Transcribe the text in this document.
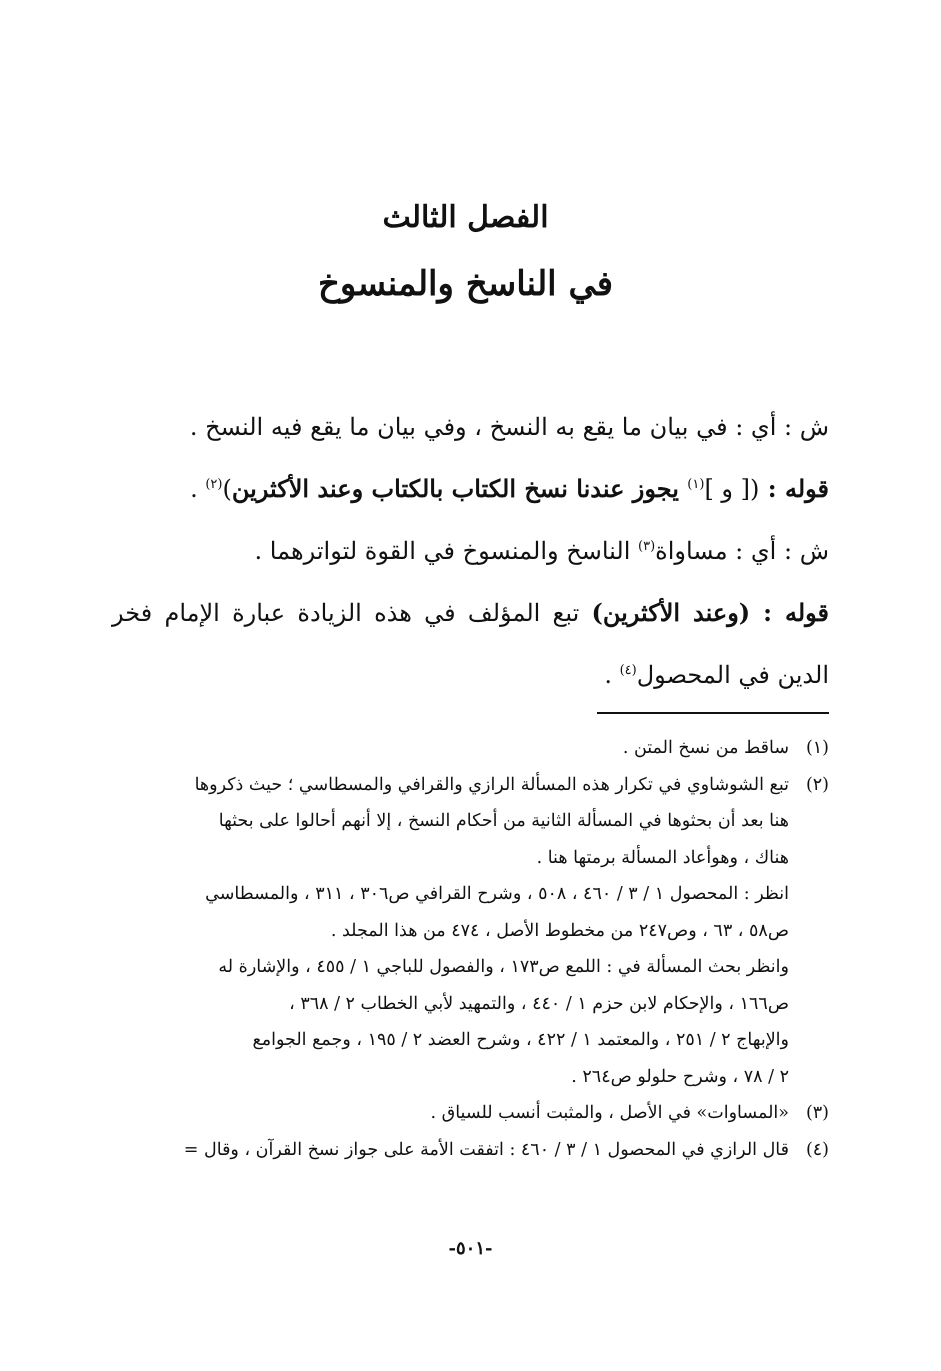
الفصل الثالث
في الناسخ والمنسوخ

ش : أي : في بيان ما يقع به النسخ ، وفي بيان ما يقع فيه النسخ .

قوله : ([ و ]$^{(١)}$ يجوز عندنا نسخ الكتاب بالكتاب وعند الأكثرين)$^{(٢)}$ .

ش : أي : مساواة$^{(٣)}$ الناسخ والمنسوخ في القوة لتواترهما .

قوله : (وعند الأكثرين) تبع المؤلف في هذه الزيادة عبارة الإمام فخر الدين في المحصول$^{(٤)}$ .

(١)
ساقط من نسخ المتن .
(٢)
تبع الشوشاوي في تكرار هذه المسألة الرازي والقرافي والمسطاسي ؛ حيث ذكروها
هنا بعد أن بحثوها في المسألة الثانية من أحكام النسخ ، إلا أنهم أحالوا على بحثها
هناك ، وهوأعاد المسألة برمتها هنا .
انظر : المحصول ١ / ٣ / ٤٦٠ ، ٥٠٨ ، وشرح القرافي ص٣٠٦ ، ٣١١ ، والمسطاسي
ص٥٨ ، ٦٣ ، وص٢٤٧ من مخطوط الأصل ، ٤٧٤ من هذا المجلد .
وانظر بحث المسألة في : اللمع ص١٧٣ ، والفصول للباجي ١ / ٤٥٥ ، والإشارة له
ص١٦٦ ، والإحكام لابن حزم ١ / ٤٤٠ ، والتمهيد لأبي الخطاب ٢ / ٣٦٨ ،
والإبهاج ٢ / ٢٥١ ، والمعتمد ١ / ٤٢٢ ، وشرح العضد ٢ / ١٩٥ ، وجمع الجوامع
٢ / ٧٨ ، وشرح حلولو ص٢٦٤ .
(٣)
«المساوات» في الأصل ، والمثبت أنسب للسياق .
(٤)
قال الرازي في المحصول ١ / ٣ / ٤٦٠ : اتفقت الأمة على جواز نسخ القرآن ، وقال =
-٥٠١-
